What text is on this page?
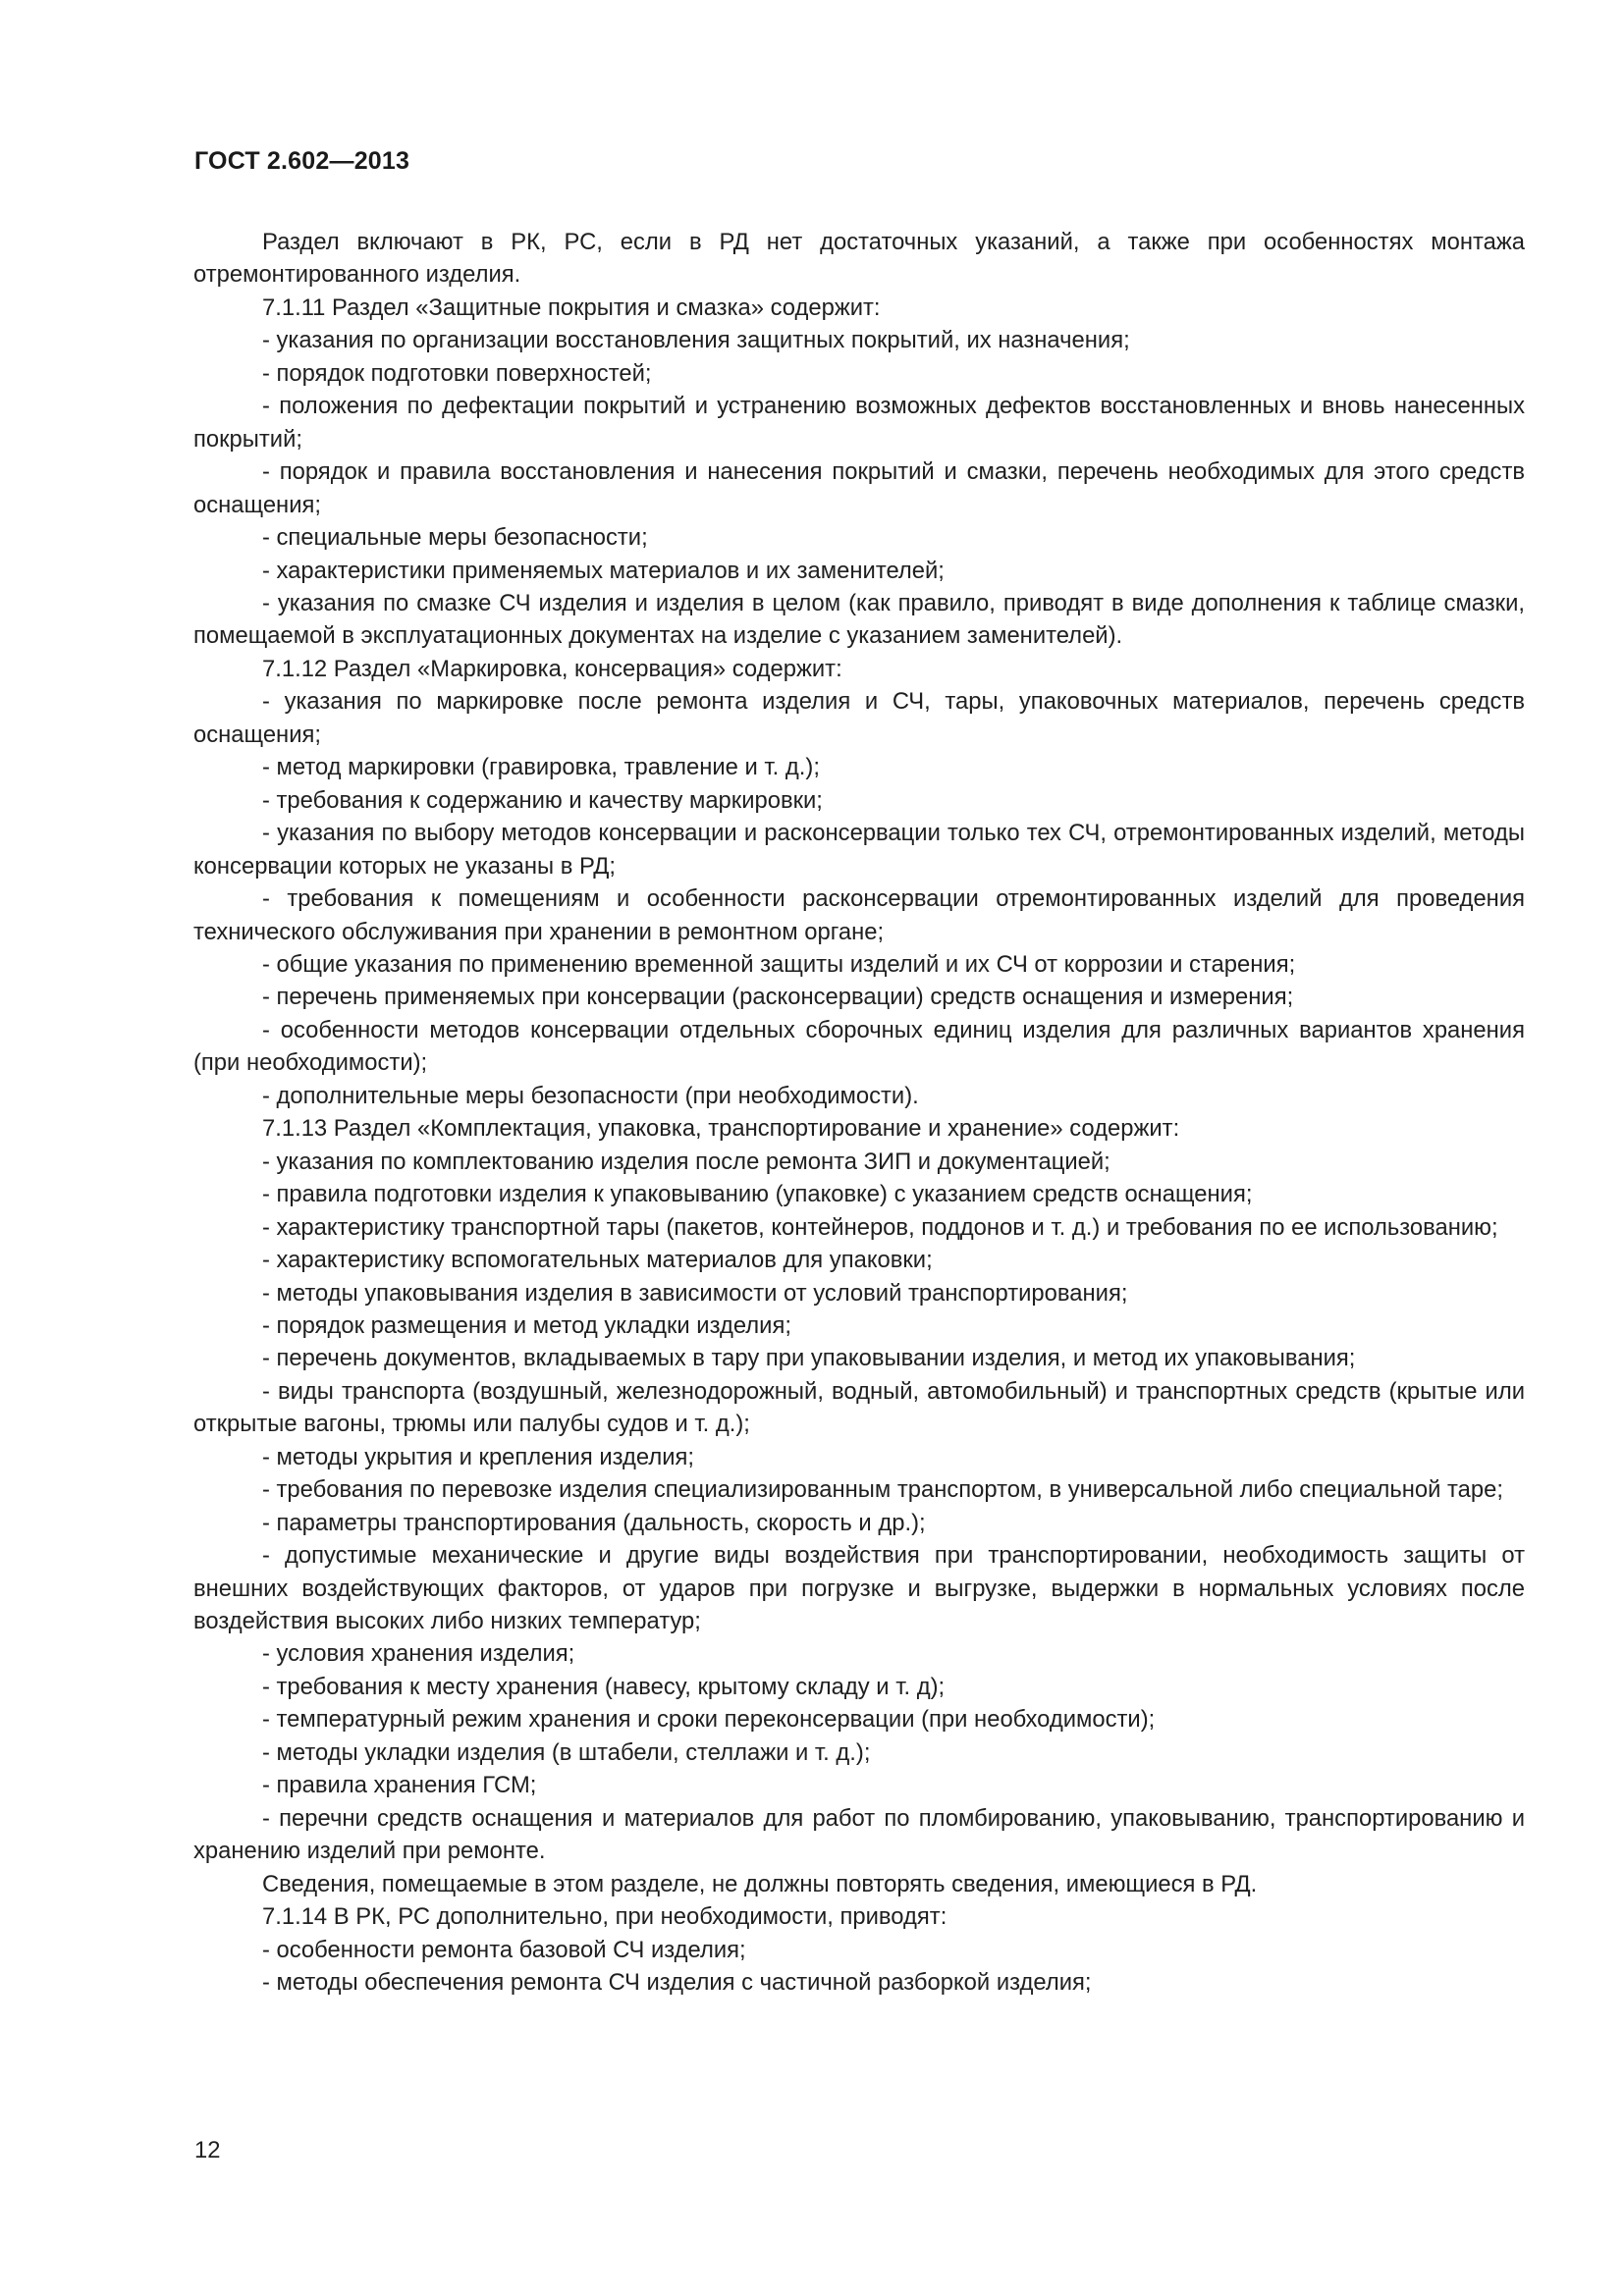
ГОСТ 2.602—2013

Раздел включают в РК, РС, если в РД нет достаточных указаний, а также при особенностях монтажа отремонтированного изделия.

7.1.11 Раздел «Защитные покрытия и смазка» содержит:

- указания по организации восстановления защитных покрытий, их назначения;

- порядок подготовки поверхностей;

- положения по дефектации покрытий и устранению возможных дефектов восстановленных и вновь нанесенных покрытий;

- порядок и правила восстановления и нанесения покрытий и смазки, перечень необходимых для этого средств оснащения;

- специальные меры безопасности;

- характеристики применяемых материалов и их заменителей;

- указания по смазке СЧ изделия и изделия в целом (как правило, приводят в виде дополнения к таблице смазки, помещаемой в эксплуатационных документах на изделие с указанием заменителей).

7.1.12 Раздел «Маркировка, консервация» содержит:

- указания по маркировке после ремонта изделия и СЧ, тары, упаковочных материалов, перечень средств оснащения;

- метод маркировки (гравировка, травление и т. д.);

- требования к содержанию и качеству маркировки;

- указания по выбору методов консервации и расконсервации только тех СЧ, отремонтированных изделий, методы консервации которых не указаны в РД;

- требования к помещениям и особенности расконсервации отремонтированных изделий для проведения технического обслуживания при хранении в ремонтном органе;

- общие указания по применению временной защиты изделий и их СЧ от коррозии и старения;

- перечень применяемых при консервации (расконсервации) средств оснащения и измерения;

- особенности методов консервации отдельных сборочных единиц изделия для различных вариантов хранения (при необходимости);

- дополнительные меры безопасности (при необходимости).

7.1.13 Раздел «Комплектация, упаковка, транспортирование и хранение» содержит:

- указания по комплектованию изделия после ремонта ЗИП и документацией;

- правила подготовки изделия к упаковыванию (упаковке) с указанием средств оснащения;

- характеристику транспортной тары (пакетов, контейнеров, поддонов и т. д.) и требования по ее использованию;

- характеристику вспомогательных материалов для упаковки;

- методы упаковывания изделия в зависимости от условий транспортирования;

- порядок размещения и метод укладки изделия;

- перечень документов, вкладываемых в тару при упаковывании изделия, и метод их упаковывания;

- виды транспорта (воздушный, железнодорожный, водный, автомобильный) и транспортных средств (крытые или открытые вагоны, трюмы или палубы судов и т. д.);

- методы укрытия и крепления изделия;

- требования по перевозке изделия специализированным транспортом, в универсальной либо специальной таре;

- параметры транспортирования (дальность, скорость и др.);

- допустимые механические и другие виды воздействия при транспортировании, необходимость защиты от внешних воздействующих факторов, от ударов при погрузке и выгрузке, выдержки в нормальных условиях после воздействия высоких либо низких температур;

- условия хранения изделия;

- требования к месту хранения (навесу, крытому складу и т. д);

- температурный режим хранения и сроки переконсервации (при необходимости);

- методы укладки изделия (в штабели, стеллажи и т. д.);

- правила хранения ГСМ;

- перечни средств оснащения и материалов для работ по пломбированию, упаковыванию, транспортированию и хранению изделий при ремонте.

Сведения, помещаемые в этом разделе, не должны повторять сведения, имеющиеся в РД.

7.1.14 В РК, РС дополнительно, при необходимости, приводят:

- особенности ремонта базовой СЧ изделия;

- методы обеспечения ремонта СЧ изделия с частичной разборкой изделия;

12
